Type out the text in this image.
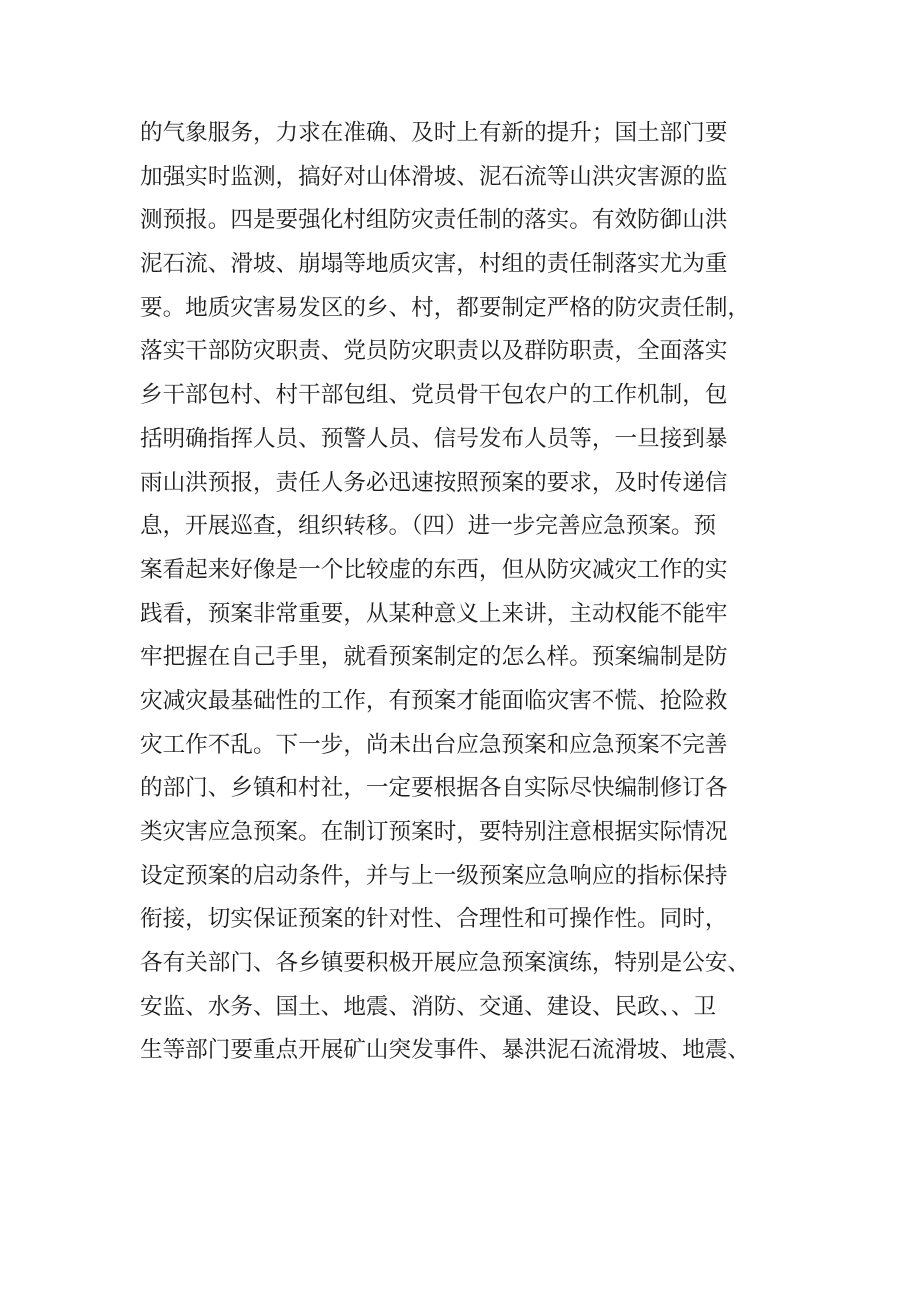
的气象服务，力求在准确、及时上有新的提升；国土部门要
加强实时监测，搞好对山体滑坡、泥石流等山洪灾害源的监
测预报。四是要强化村组防灾责任制的落实。有效防御山洪
泥石流、滑坡、崩塌等地质灾害，村组的责任制落实尤为重
要。地质灾害易发区的乡、村，都要制定严格的防灾责任制，
落实干部防灾职责、党员防灾职责以及群防职责，全面落实
乡干部包村、村干部包组、党员骨干包农户的工作机制，包
括明确指挥人员、预警人员、信号发布人员等，一旦接到暴
雨山洪预报，责任人务必迅速按照预案的要求，及时传递信
息，开展巡查，组织转移。（四）进一步完善应急预案。预
案看起来好像是一个比较虚的东西，但从防灾减灾工作的实
践看，预案非常重要，从某种意义上来讲，主动权能不能牢
牢把握在自己手里，就看预案制定的怎么样。预案编制是防
灾减灾最基础性的工作，有预案才能面临灾害不慌、抢险救
灾工作不乱。下一步，尚未出台应急预案和应急预案不完善
的部门、乡镇和村社，一定要根据各自实际尽快编制修订各
类灾害应急预案。在制订预案时，要特别注意根据实际情况
设定预案的启动条件，并与上一级预案应急响应的指标保持
衔接，切实保证预案的针对性、合理性和可操作性。同时，
各有关部门、各乡镇要积极开展应急预案演练，特别是公安、
安监、水务、国土、地震、消防、交通、建设、民政、、卫
生等部门要重点开展矿山突发事件、暴洪泥石流滑坡、地震、
